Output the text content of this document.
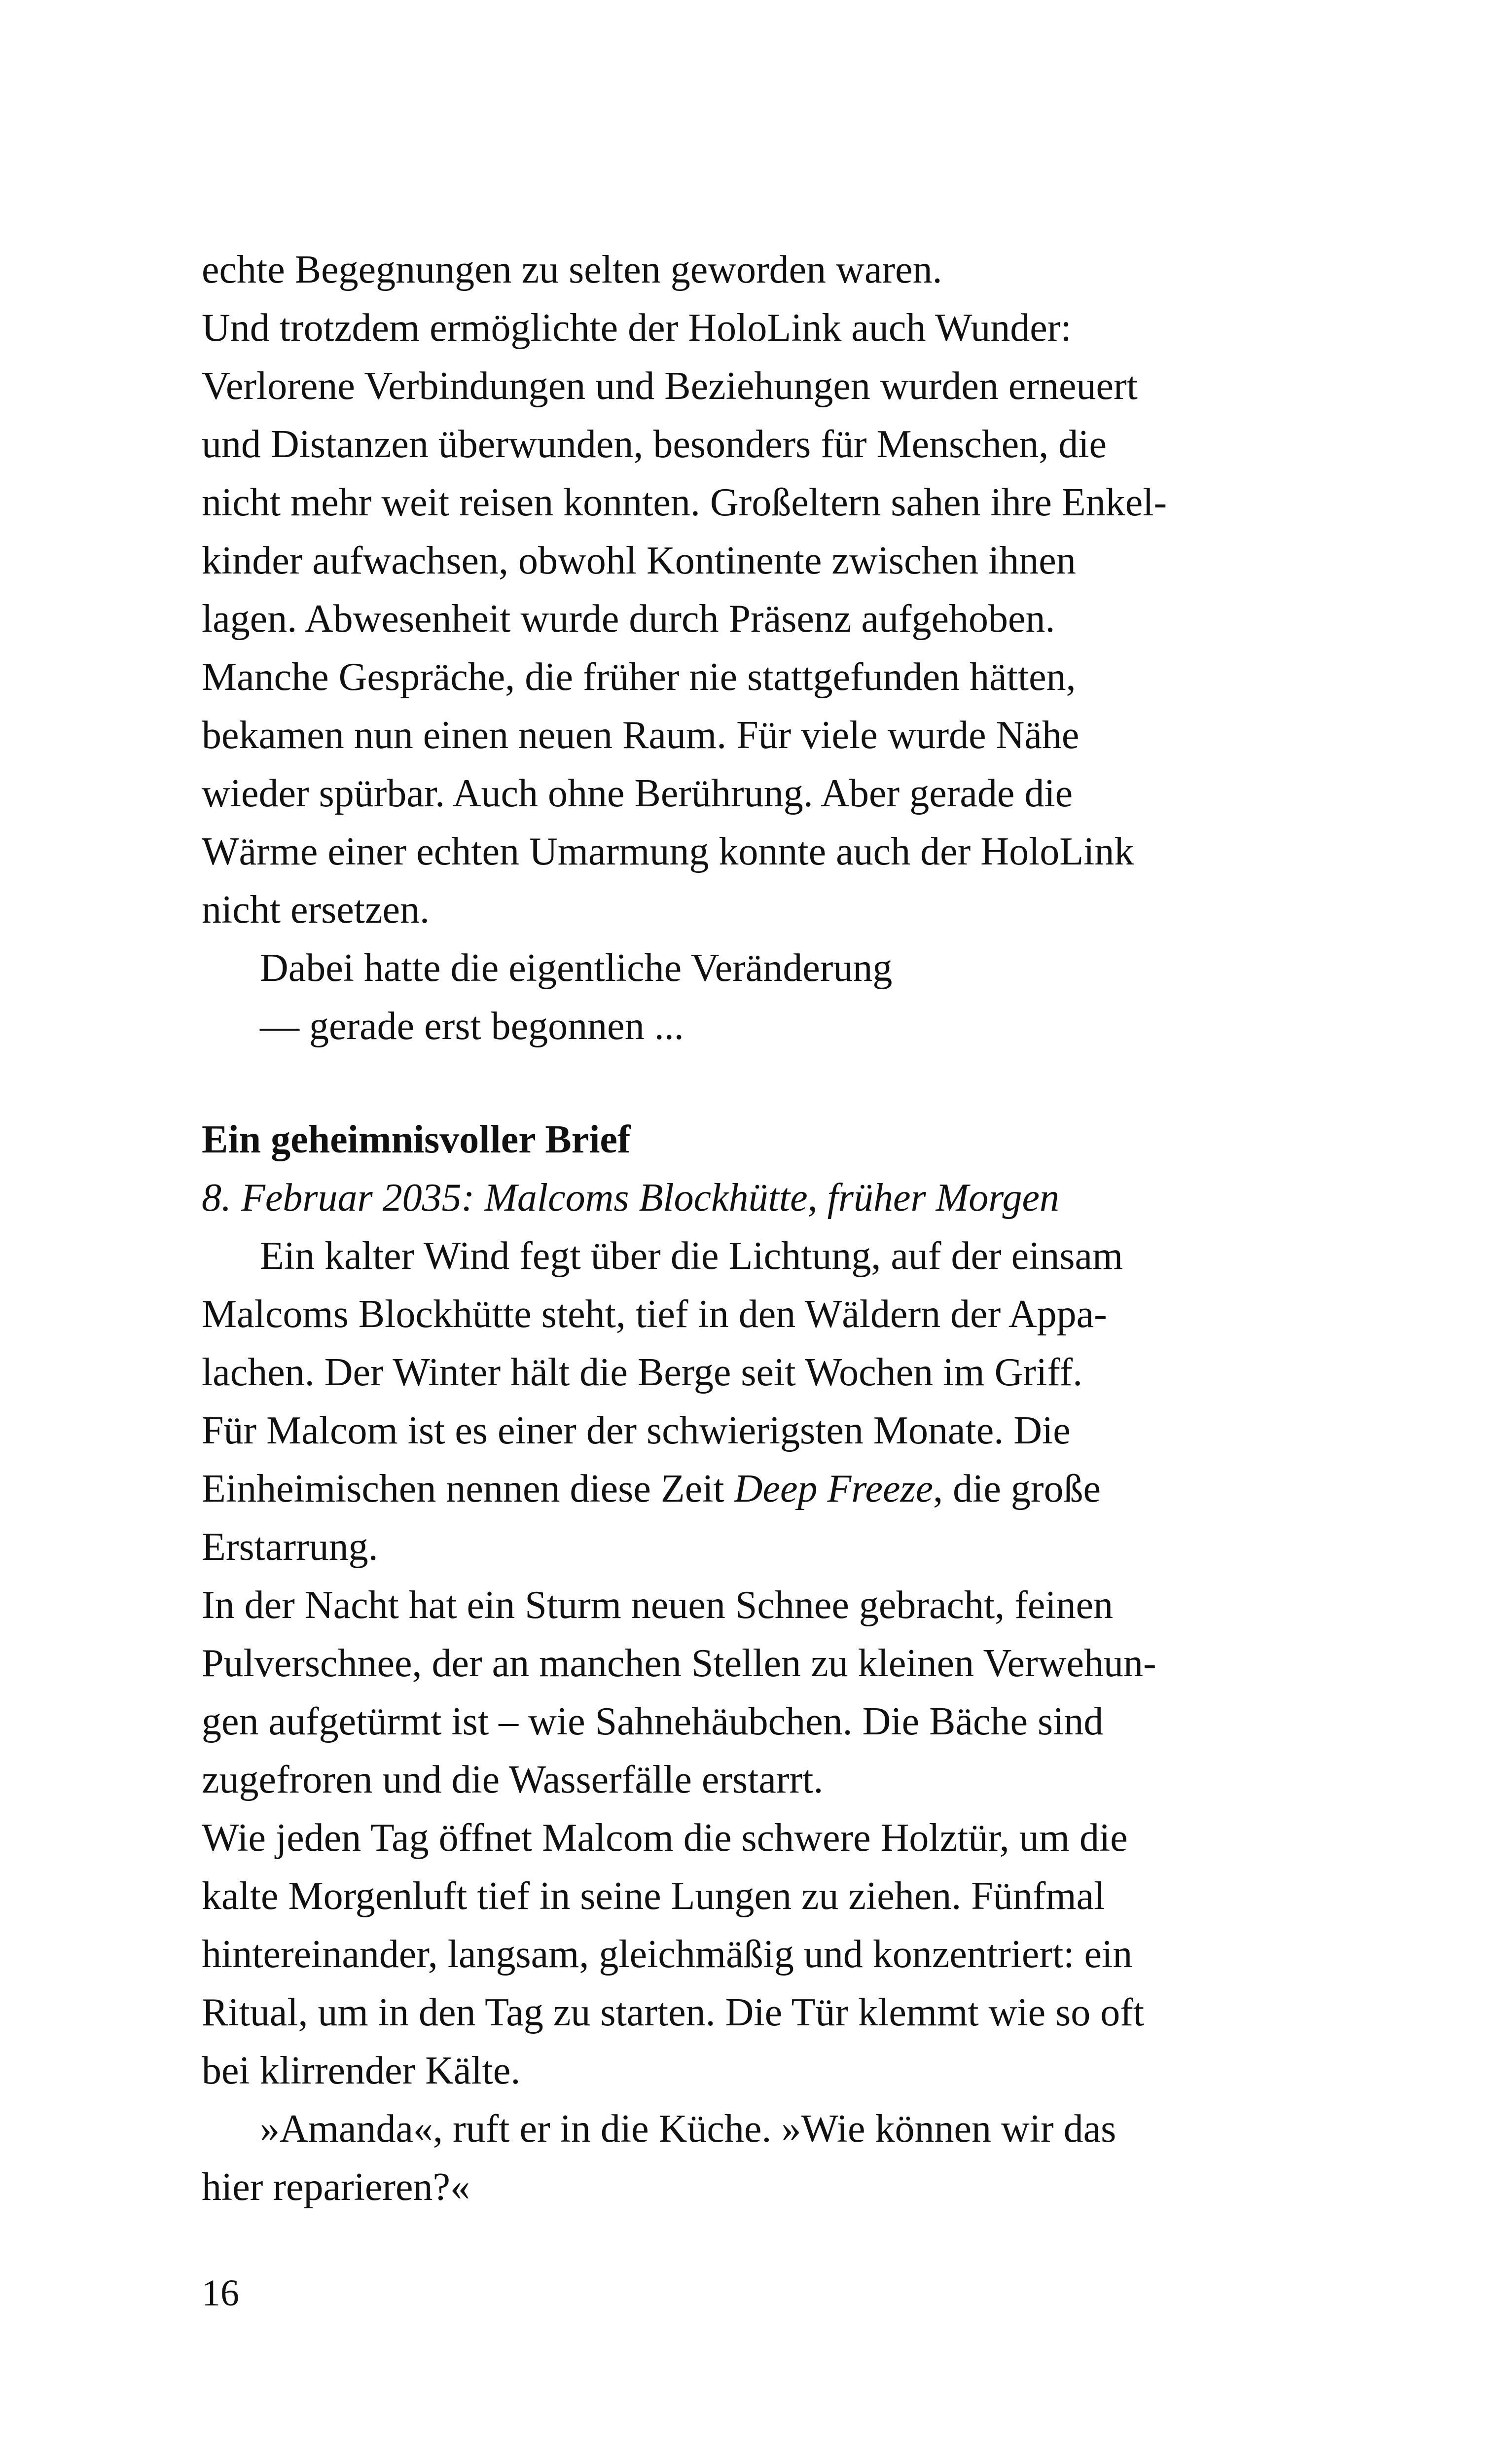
echte Begegnungen zu selten geworden waren.
Und trotzdem ermöglichte der HoloLink auch Wunder:
Verlorene Verbindungen und Beziehungen wurden erneuert
und Distanzen überwunden, besonders für Menschen, die
nicht mehr weit reisen konnten. Großeltern sahen ihre Enkel-
kinder aufwachsen, obwohl Kontinente zwischen ihnen
lagen. Abwesenheit wurde durch Präsenz aufgehoben.
Manche Gespräche, die früher nie stattgefunden hätten,
bekamen nun einen neuen Raum. Für viele wurde Nähe
wieder spürbar. Auch ohne Berührung. Aber gerade die
Wärme einer echten Umarmung konnte auch der HoloLink
nicht ersetzen.
Dabei hatte die eigentliche Veränderung
— gerade erst begonnen ...
Ein geheimnisvoller Brief
8. Februar 2035: Malcoms Blockhütte, früher Morgen
Ein kalter Wind fegt über die Lichtung, auf der einsam
Malcoms Blockhütte steht, tief in den Wäldern der Appa-
lachen. Der Winter hält die Berge seit Wochen im Griff.
Für Malcom ist es einer der schwierigsten Monate. Die
Einheimischen nennen diese Zeit Deep Freeze, die große
Erstarrung.
In der Nacht hat ein Sturm neuen Schnee gebracht, feinen
Pulverschnee, der an manchen Stellen zu kleinen Verwehun-
gen aufgetürmt ist – wie Sahnehäubchen. Die Bäche sind
zugefroren und die Wasserfälle erstarrt.
Wie jeden Tag öffnet Malcom die schwere Holztür, um die
kalte Morgenluft tief in seine Lungen zu ziehen. Fünfmal
hintereinander, langsam, gleichmäßig und konzentriert: ein
Ritual, um in den Tag zu starten. Die Tür klemmt wie so oft
bei klirrender Kälte.
»Amanda«, ruft er in die Küche. »Wie können wir das
hier reparieren?«
16
